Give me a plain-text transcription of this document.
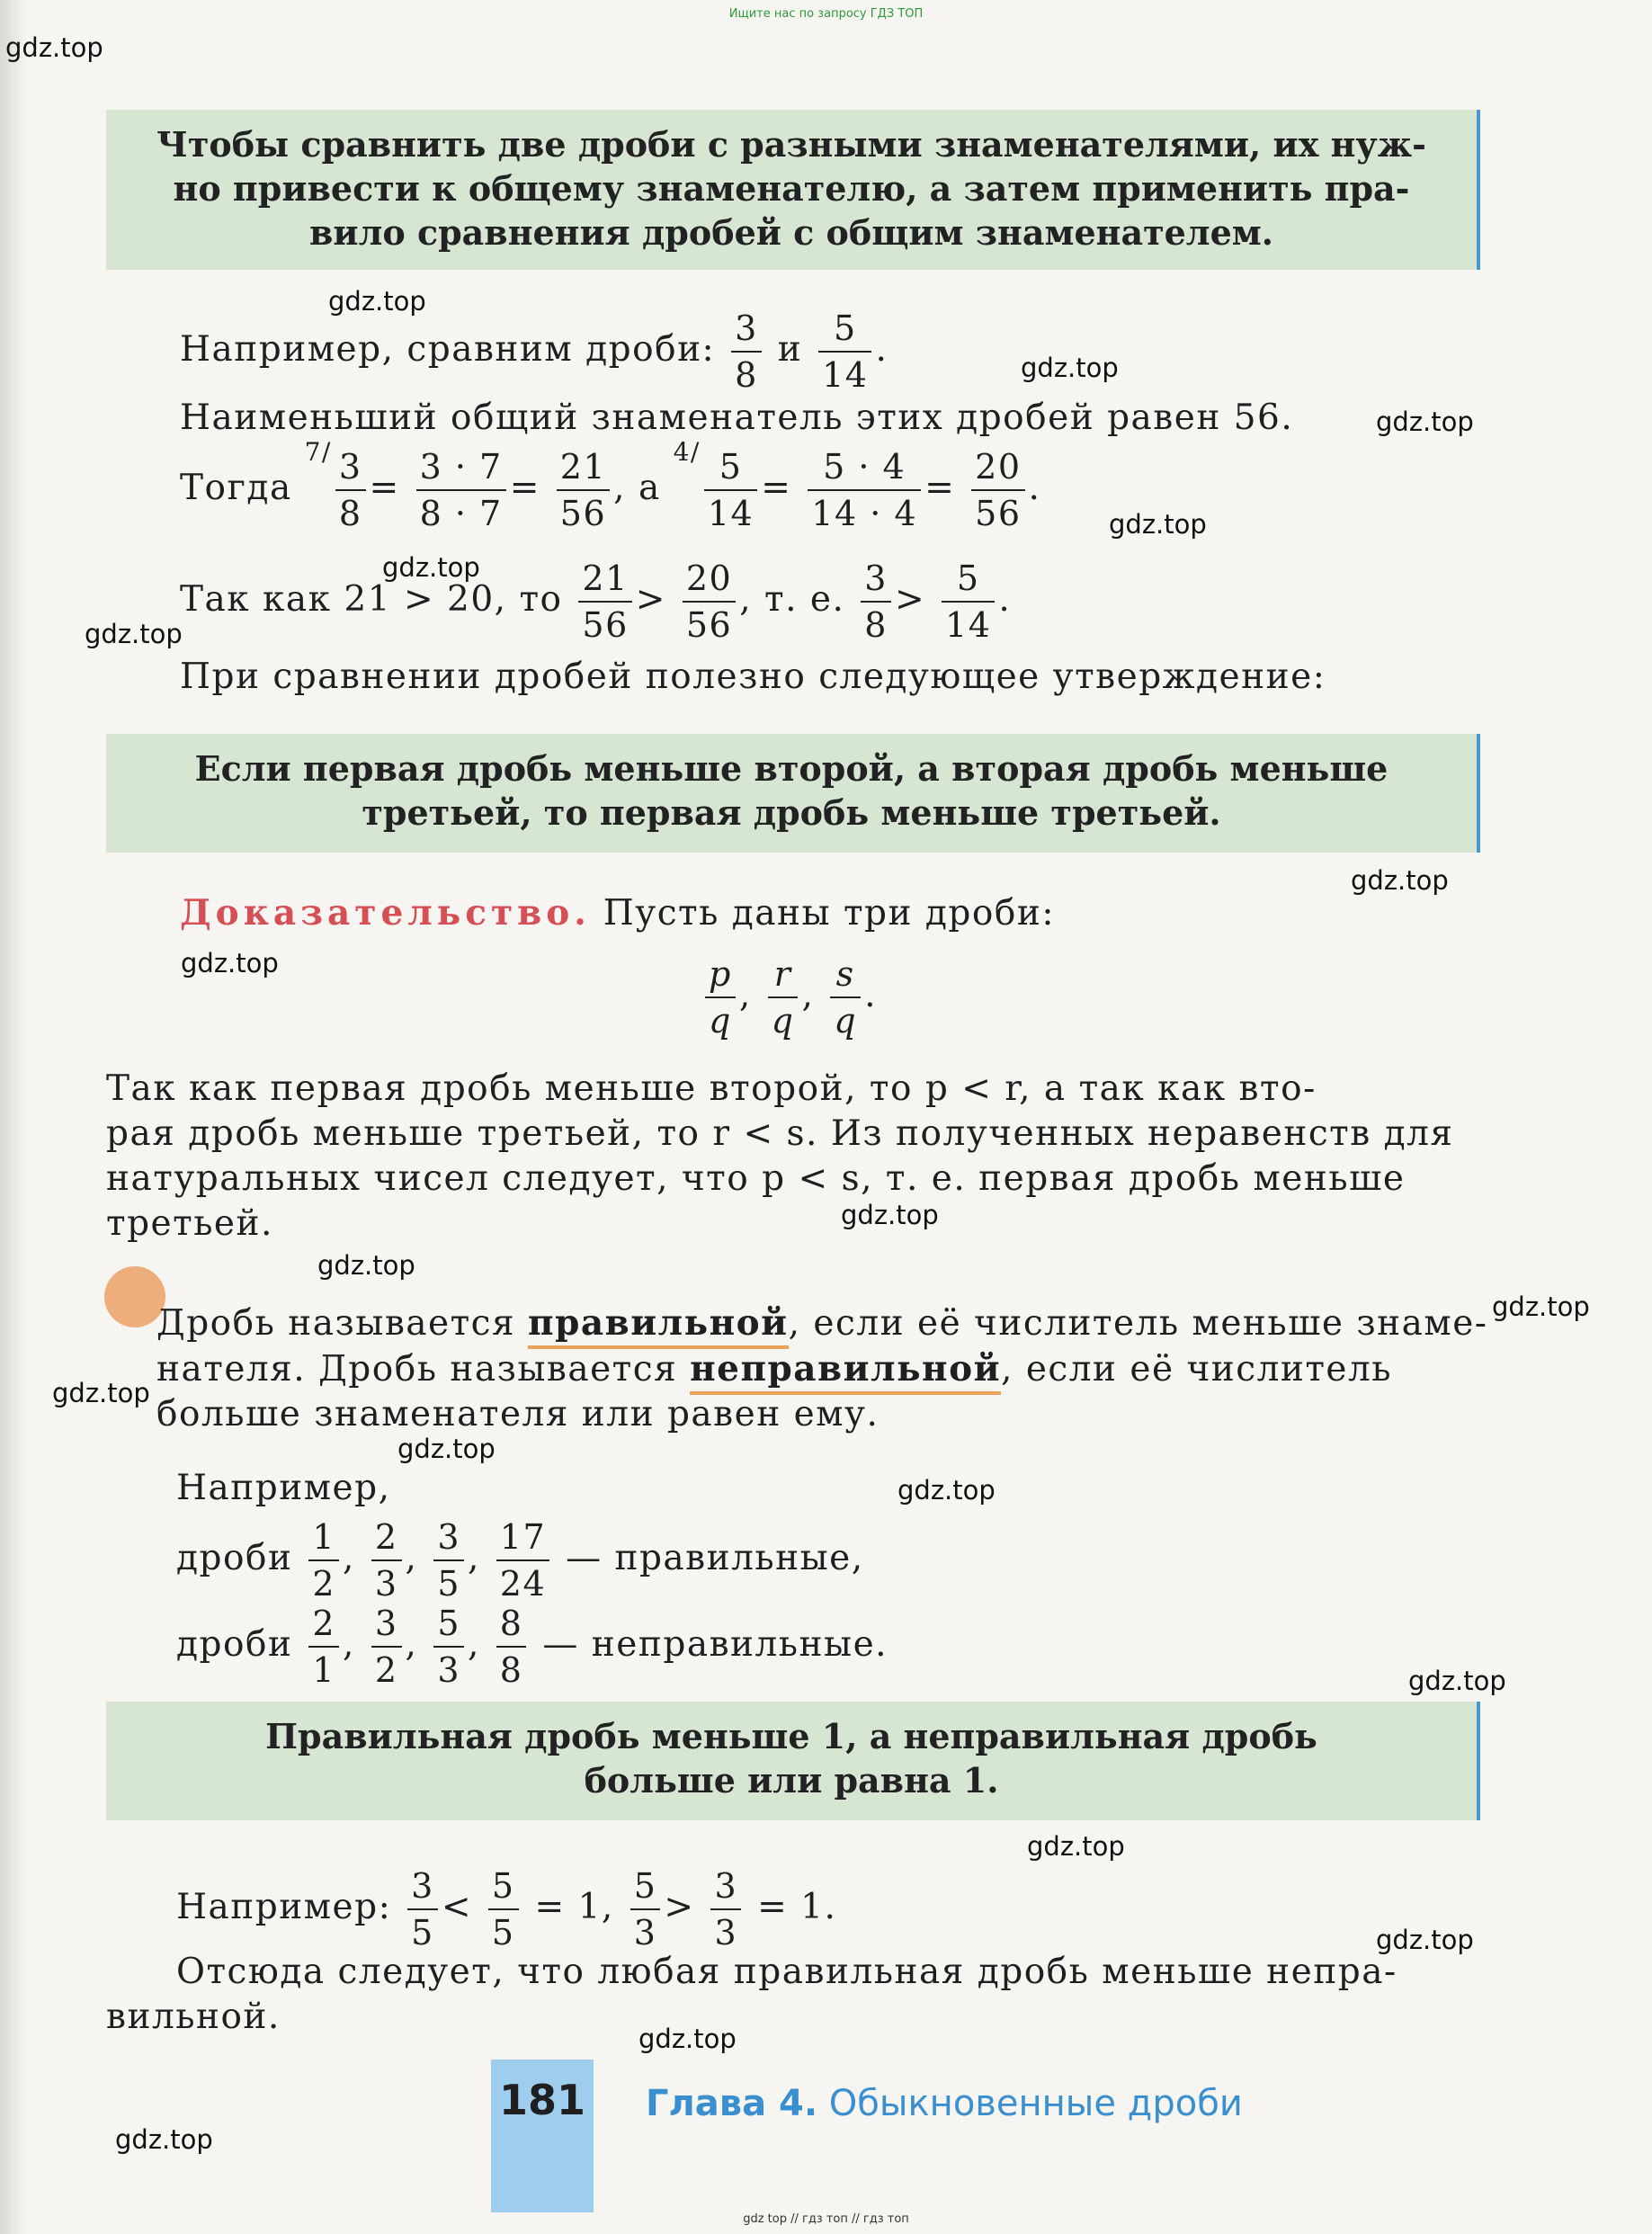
Ищите нас по запросу ГДЗ ТОП
gdz.top
gdz.top
gdz.top
gdz.top
gdz.top
gdz.top
gdz.top
gdz.top
gdz.top
gdz.top
gdz.top
gdz.top
gdz.top
gdz.top
gdz.top
gdz.top
gdz.top
gdz.top
gdz.top
gdz.top
Чтобы сравнить две дроби с разными знаменателями, их нуж-
но привести к общему знаменателю, а затем применить пра-
вило сравнения дробей с общим знаменателем.
Например, сравним дроби: $\frac{3}{8}$ и $\frac{5}{14}$ .
Наименьший общий знаменатель этих дробей равен 56.
Тогда $^{7/} \frac{3}{8} = \frac{3 \cdot 7}{8 \cdot 7} = \frac{21}{56}$ , а $^{4/} \frac{5}{14} = \frac{5 \cdot 4}{14 \cdot 4} = \frac{20}{56}$ .
Так как 21 > 20, то $\frac{21}{56} > \frac{20}{56}$ , т. е. $\frac{3}{8} > \frac{5}{14}$ .
При сравнении дробей полезно следующее утверждение:
Если первая дробь меньше второй, а вторая дробь меньше
третьей, то первая дробь меньше третьей.
Доказательство. Пусть даны три дроби:
$\frac{p}{q}$ , $\frac{r}{q}$ , $\frac{s}{q}$ .
Так как первая дробь меньше второй, то p < r, а так как вто-
рая дробь меньше третьей, то r < s. Из полученных неравенств для
натуральных чисел следует, что p < s, т. е. первая дробь меньше
третьей.
Дробь называется правильной, если её числитель меньше знаме-
нателя. Дробь называется неправильной, если её числитель
больше знаменателя или равен ему.
Например,
дроби $\frac{1}{2}$ , $\frac{2}{3}$ , $\frac{3}{5}$ , $\frac{17}{24}$ — правильные,
дроби $\frac{2}{1}$ , $\frac{3}{2}$ , $\frac{5}{3}$ , $\frac{8}{8}$ — неправильные.
Правильная дробь меньше 1, а неправильная дробь
больше или равна 1.
Например: $\frac{3}{5} < \frac{5}{5} = 1$, $\frac{5}{3} > \frac{3}{3} = 1$.
Отсюда следует, что любая правильная дробь меньше непра-
вильной.
181 Глава 4. Обыкновенные дроби
gdz top // гдз топ // гдз топ
